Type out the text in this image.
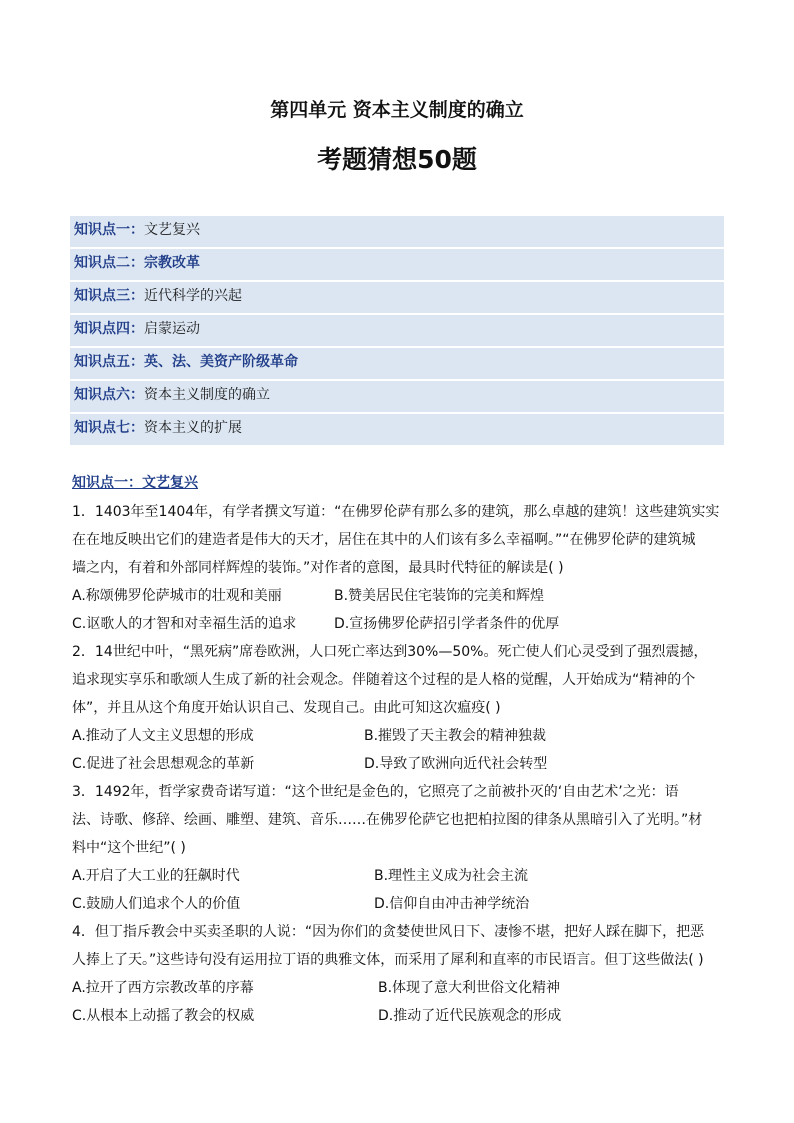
第四单元 资本主义制度的确立
考题猜想50题
知识点一：文艺复兴
知识点二：宗教改革
知识点三：近代科学的兴起
知识点四：启蒙运动
知识点五：英、法、美资产阶级革命
知识点六：资本主义制度的确立
知识点七：资本主义的扩展
知识点一：文艺复兴
1．1403年至1404年，有学者撰文写道：“在佛罗伦萨有那么多的建筑，那么卓越的建筑！这些建筑实实
在在地反映出它们的建造者是伟大的天才，居住在其中的人们该有多么幸福啊。”“在佛罗伦萨的建筑城
墙之内，有着和外部同样辉煌的装饰。”对作者的意图，最具时代特征的解读是( )
A.称颂佛罗伦萨城市的壮观和美丽	B.赞美居民住宅装饰的完美和辉煌
C.讴歌人的才智和对幸福生活的追求	D.宣扬佛罗伦萨招引学者条件的优厚
2．14世纪中叶，“黑死病”席卷欧洲，人口死亡率达到30%—50%。死亡使人们心灵受到了强烈震撼，
追求现实享乐和歌颂人生成了新的社会观念。伴随着这个过程的是人格的觉醒，人开始成为“精神的个
体”，并且从这个角度开始认识自己、发现自己。由此可知这次瘟疫( )
A.推动了人文主义思想的形成	B.摧毁了天主教会的精神独裁
C.促进了社会思想观念的革新	D.导致了欧洲向近代社会转型
3．1492年，哲学家费奇诺写道：“这个世纪是金色的，它照亮了之前被扑灭的‘自由艺术’之光：语
法、诗歌、修辞、绘画、雕塑、建筑、音乐……在佛罗伦萨它也把柏拉图的律条从黑暗引入了光明。”材
料中“这个世纪”( )
A.开启了大工业的狂飙时代	B.理性主义成为社会主流
C.鼓励人们追求个人的价值	D.信仰自由冲击神学统治
4．但丁指斥教会中买卖圣职的人说：“因为你们的贪婪使世风日下、凄惨不堪，把好人踩在脚下，把恶
人捧上了天。”这些诗句没有运用拉丁语的典雅文体，而采用了犀利和直率的市民语言。但丁这些做法( )
A.拉开了西方宗教改革的序幕	B.体现了意大利世俗文化精神
C.从根本上动摇了教会的权威	D.推动了近代民族观念的形成
